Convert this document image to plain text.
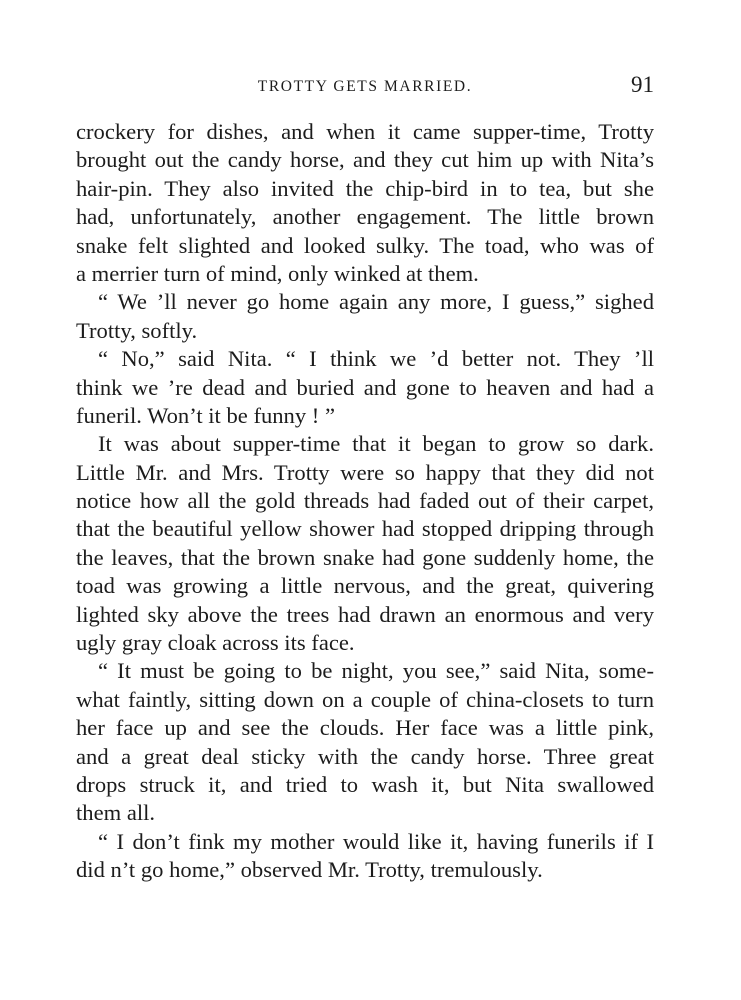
TROTTY GETS MARRIED.	91
crockery for dishes, and when it came supper-time, Trotty
brought out the candy horse, and they cut him up with Nita’s
hair-pin. They also invited the chip-bird in to tea, but she
had, unfortunately, another engagement. The little brown
snake felt slighted and looked sulky. The toad, who was of
a merrier turn of mind, only winked at them.
“ We ’ll never go home again any more, I guess,” sighed
Trotty, softly.
“ No,” said Nita. “ I think we ’d better not. They ’ll
think we ’re dead and buried and gone to heaven and had a
funeril. Won’t it be funny ! ”
It was about supper-time that it began to grow so dark.
Little Mr. and Mrs. Trotty were so happy that they did not
notice how all the gold threads had faded out of their carpet,
that the beautiful yellow shower had stopped dripping through
the leaves, that the brown snake had gone suddenly home, the
toad was growing a little nervous, and the great, quivering
lighted sky above the trees had drawn an enormous and very
ugly gray cloak across its face.
“ It must be going to be night, you see,” said Nita, some-
what faintly, sitting down on a couple of china-closets to turn
her face up and see the clouds. Her face was a little pink,
and a great deal sticky with the candy horse. Three great
drops struck it, and tried to wash it, but Nita swallowed
them all.
“ I don’t fink my mother would like it, having funerils if I
did n’t go home,” observed Mr. Trotty, tremulously.
